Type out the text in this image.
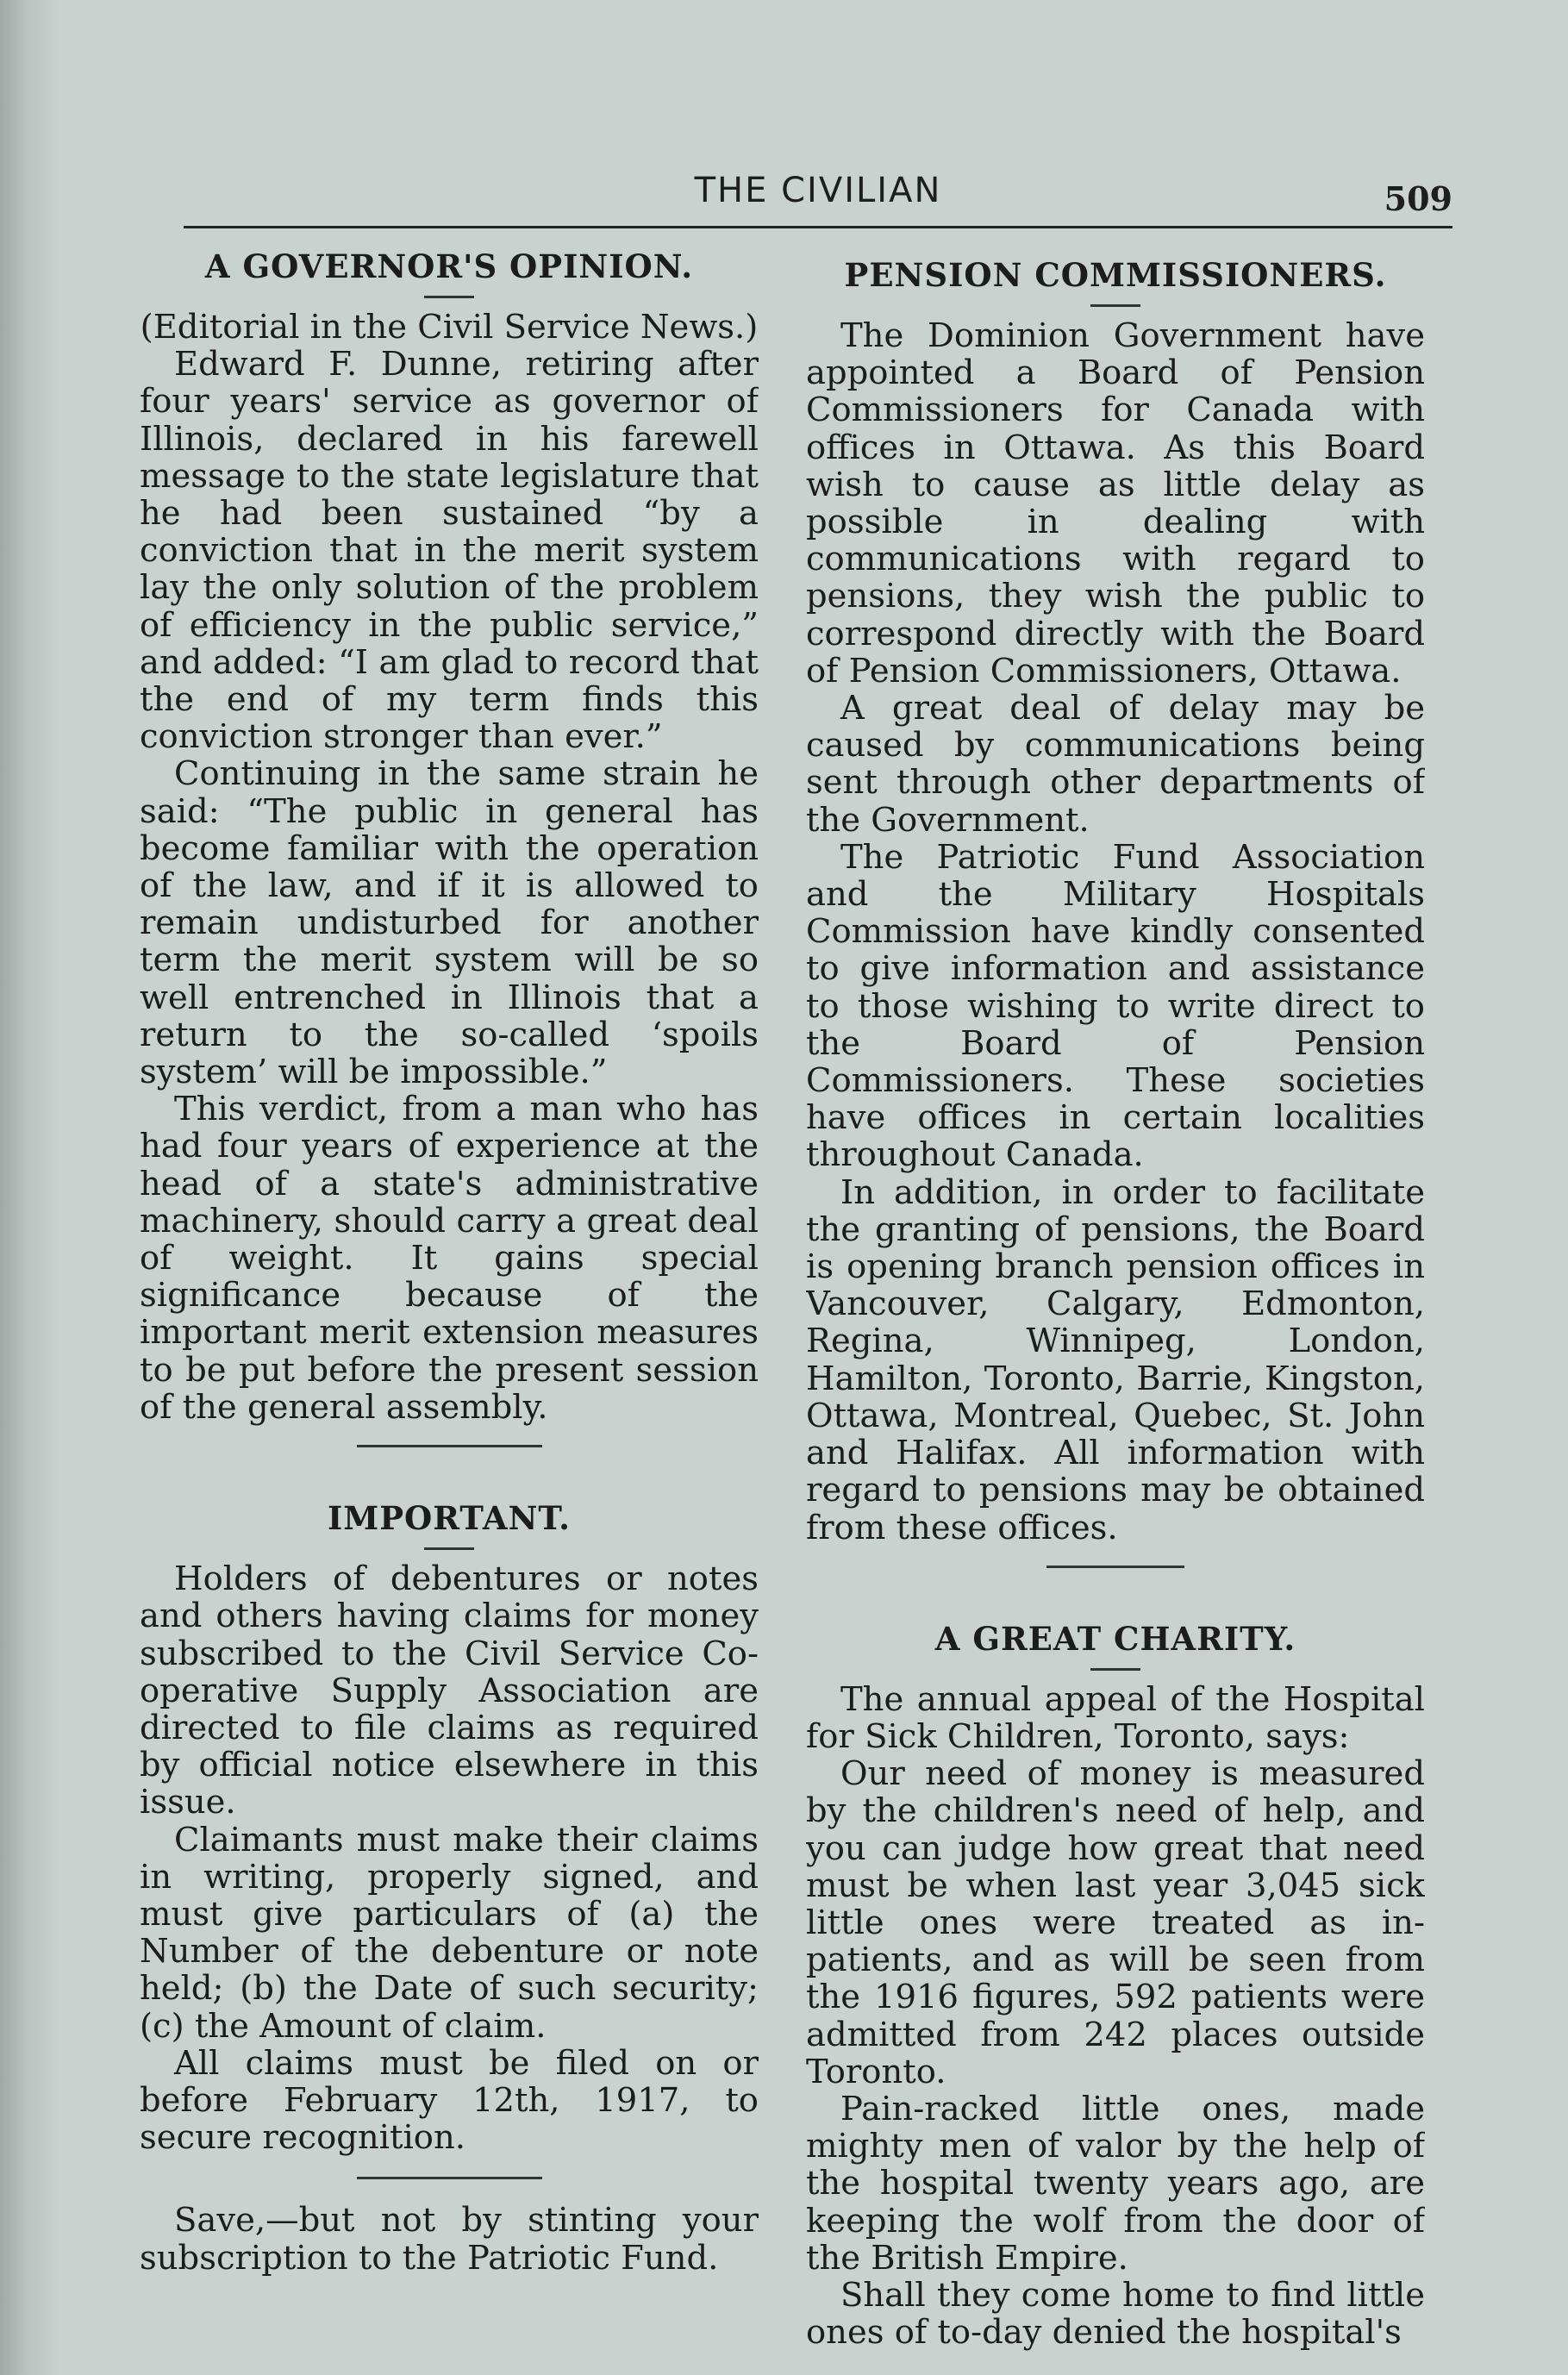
THE CIVILIAN	509
A GOVERNOR'S OPINION.

(Editorial in the Civil Service News.)

Edward F. Dunne, retiring after four years' service as governor of Illinois, declared in his farewell message to the state legislature that he had been sustained “by a conviction that in the merit system lay the only solution of the problem of efficiency in the public service,” and added: “I am glad to record that the end of my term finds this conviction stronger than ever.”

Continuing in the same strain he said: “The public in general has become familiar with the operation of the law, and if it is allowed to remain undisturbed for another term the merit system will be so well entrenched in Illinois that a return to the so-called ‘spoils system’ will be impossible.”

This verdict, from a man who has had four years of experience at the head of a state's administrative machinery, should carry a great deal of weight. It gains special significance because of the important merit extension measures to be put before the present session of the general assembly.

IMPORTANT.

Holders of debentures or notes and others having claims for money subscribed to the Civil Service Co-operative Supply Association are directed to file claims as required by official notice elsewhere in this issue.

Claimants must make their claims in writing, properly signed, and must give particulars of (a) the Number of the debenture or note held; (b) the Date of such security; (c) the Amount of claim.

All claims must be filed on or before February 12th, 1917, to secure recognition.

Save,—but not by stinting your subscription to the Patriotic Fund.

PENSION COMMISSIONERS.

The Dominion Government have appointed a Board of Pension Commissioners for Canada with offices in Ottawa. As this Board wish to cause as little delay as possible in dealing with communications with regard to pensions, they wish the public to correspond directly with the Board of Pension Commissioners, Ottawa.

A great deal of delay may be caused by communications being sent through other departments of the Government.

The Patriotic Fund Association and the Military Hospitals Commission have kindly consented to give information and assistance to those wishing to write direct to the Board of Pension Commissioners. These societies have offices in certain localities throughout Canada.

In addition, in order to facilitate the granting of pensions, the Board is opening branch pension offices in Vancouver, Calgary, Edmonton, Regina, Winnipeg, London, Hamilton, Toronto, Barrie, Kingston, Ottawa, Montreal, Quebec, St. John and Halifax. All information with regard to pensions may be obtained from these offices.

A GREAT CHARITY.

The annual appeal of the Hospital for Sick Children, Toronto, says:

Our need of money is measured by the children's need of help, and you can judge how great that need must be when last year 3,045 sick little ones were treated as in-patients, and as will be seen from the 1916 figures, 592 patients were admitted from 242 places outside Toronto.

Pain-racked little ones, made mighty men of valor by the help of the hospital twenty years ago, are keeping the wolf from the door of the British Empire.

Shall they come home to find little ones of to-day denied the hospital's
